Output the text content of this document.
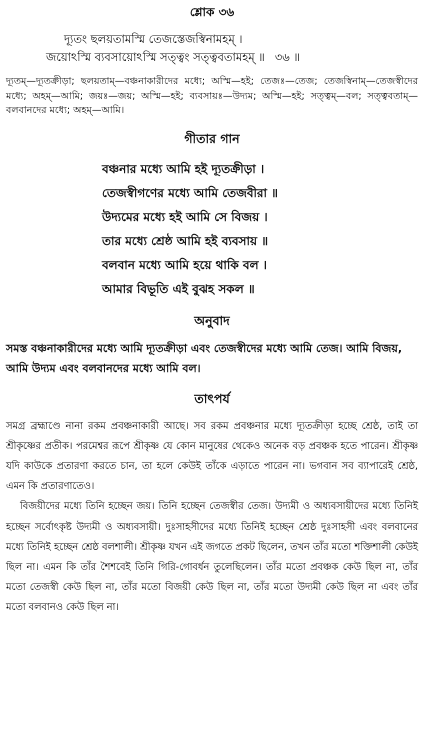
শ্লোক ৩৬
দ্যূতং ছলয়তামস্মি তেজস্তেজস্বিনামহম্ ।
জয়োঽস্মি ব্যবসায়োঽস্মি সত্ত্বং সত্ত্ববতামহম্ ॥ ৩৬ ॥
দ্যূতম্—দ্যূতক্রীড়া; ছলয়তাম্—বঞ্চনাকারীদের মধ্যে; অস্মি—হই; তেজঃ—তেজ; তেজস্বিনাম্—তেজস্বীদের মধ্যে; অহম্—আমি; জয়ঃ—জয়; অস্মি—হই; ব্যবসায়ঃ—উদ্যম; অস্মি—হই; সত্ত্বম্—বল; সত্ত্ববতাম্—বলবানদের মধ্যে; অহম্—আমি।
গীতার গান
বঞ্চনার মধ্যে আমি হই দ্যূতক্রীড়া ।
তেজস্বীগণের মধ্যে আমি তেজবীরা ॥
উদ্যমের মধ্যে হই আমি সে বিজয় ।
তার মধ্যে শ্রেষ্ঠ আমি হই ব্যবসায় ॥
বলবান মধ্যে আমি হয়ে থাকি বল ।
আমার বিভূতি এই বুঝহ সকল ॥
অনুবাদ
সমস্ত বঞ্চনাকারীদের মধ্যে আমি দ্যূতক্রীড়া এবং তেজস্বীদের মধ্যে আমি তেজ। আমি বিজয়, আমি উদ্যম এবং বলবানদের মধ্যে আমি বল।
তাৎপর্য

সমগ্র ব্রহ্মাণ্ডে নানা রকম প্রবঞ্চনাকারী আছে। সব রকম প্রবঞ্চনার মধ্যে দ্যূতক্রীড়া হচ্ছে শ্রেষ্ঠ, তাই তা শ্রীকৃষ্ণের প্রতীক। পরমেশ্বর রূপে শ্রীকৃষ্ণ যে কোন মানুষের থেকেও অনেক বড় প্রবঞ্চক হতে পারেন। শ্রীকৃষ্ণ যদি কাউকে প্রতারণা করতে চান, তা হলে কেউই তাঁকে এড়াতে পারেন না। ভগবান সব ব্যাপারেই শ্রেষ্ঠ, এমন কি প্রতারণাতেও।

বিজয়ীদের মধ্যে তিনি হচ্ছেন জয়। তিনি হচ্ছেন তেজস্বীর তেজ। উদ্যমী ও অধ্যবসায়ীদের মধ্যে তিনিই হচ্ছেন সর্বোৎকৃষ্ট উদ্যমী ও অধ্যবসায়ী। দুঃসাহসীদের মধ্যে তিনিই হচ্ছেন শ্রেষ্ঠ দুঃসাহসী এবং বলবানের মধ্যে তিনিই হচ্ছেন শ্রেষ্ঠ বলশালী। শ্রীকৃষ্ণ যখন এই জগতে প্রকট ছিলেন, তখন তাঁর মতো শক্তিশালী কেউই ছিল না। এমন কি তাঁর শৈশবেই তিনি গিরি-গোবর্ধন তুলেছিলেন। তাঁর মতো প্রবঞ্চক কেউ ছিল না, তাঁর মতো তেজস্বী কেউ ছিল না, তাঁর মতো বিজয়ী কেউ ছিল না, তাঁর মতো উদ্যমী কেউ ছিল না এবং তাঁর মতো বলবানও কেউ ছিল না।
